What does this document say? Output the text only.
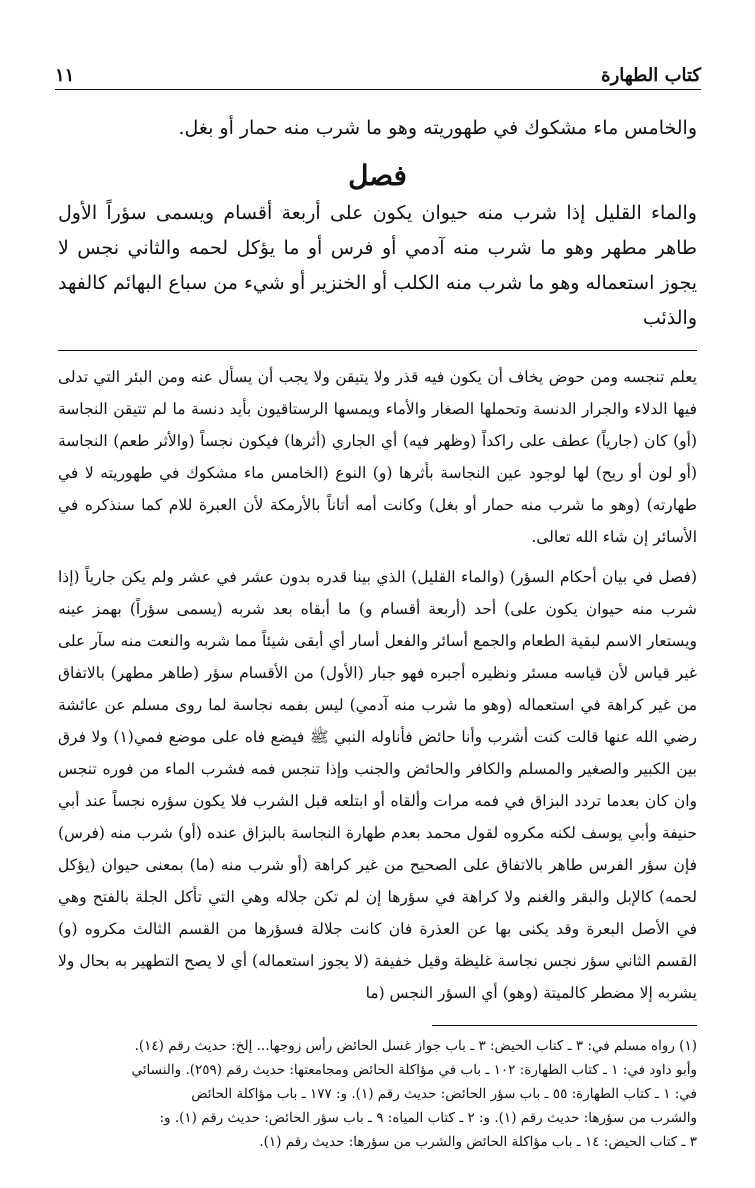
كتاب الطهارة
١١

والخامس ماء مشكوك في طهوريته وهو ما شرب منه حمار أو بغل.

فصل

والماء القليل إذا شرب منه حيوان يكون على أربعة أقسام ويسمى سؤراً الأول طاهر مطهر وهو ما شرب منه آدمي أو فرس أو ما يؤكل لحمه والثاني نجس لا يجوز استعماله وهو ما شرب منه الكلب أو الخنزير أو شيء من سباع البهائم كالفهد والذئب

يعلم تنجسه ومن حوض يخاف أن يكون فيه قذر ولا يتيقن ولا يجب أن يسأل عنه ومن البئر التي تدلى فيها الدلاء والجرار الدنسة وتحملها الصغار والأماء ويمسها الرستاقيون بأيد دنسة ما لم تتيقن النجاسة (أو) كان (جارياً) عطف على راكداً (وظهر فيه) أي الجاري (أثرها) فيكون نجساً (والأثر طعم) النجاسة (أو لون أو ريح) لها لوجود عين النجاسة بأثرها (و) النوع (الخامس ماء مشكوك في طهوريته لا في طهارته) (وهو ما شرب منه حمار أو بغل) وكانت أمه أتاناً بالأرمكة لأن العبرة للام كما سنذكره في الأسائر إن شاء الله تعالى.

(فصل في بيان أحكام السؤر) (والماء القليل) الذي بينا قدره بدون عشر في عشر ولم يكن جارياً (إذا شرب منه حيوان يكون على) أحد (أربعة أقسام و) ما أبقاه بعد شربه (يسمى سؤراً) بهمز عينه ويستعار الاسم لبقية الطعام والجمع أسائر والفعل أسار أي أبقى شيئاً مما شربه والنعت منه سآر على غير قياس لأن قياسه مسئر ونظيره أجبره فهو جبار (الأول) من الأقسام سؤر (طاهر مطهر) بالاتفاق من غير كراهة في استعماله (وهو ما شرب منه آدمي) ليس بفمه نجاسة لما روى مسلم عن عائشة رضي الله عنها قالت كنت أشرب وأنا حائض فأناوله النبي ﷺ فيضع فاه على موضع فمي(١) ولا فرق بين الكبير والصغير والمسلم والكافر والحائض والجنب وإذا تنجس فمه فشرب الماء من فوره تنجس وان كان بعدما تردد البزاق في فمه مرات وألقاه أو ابتلعه قبل الشرب فلا يكون سؤره نجساً عند أبي حنيفة وأبي يوسف لكنه مكروه لقول محمد بعدم طهارة النجاسة بالبزاق عنده (أو) شرب منه (فرس) فإن سؤر الفرس طاهر بالاتفاق على الصحيح من غير كراهة (أو شرب منه (ما) بمعنى حيوان (يؤكل لحمه) كالإبل والبقر والغنم ولا كراهة في سؤرها إن لم تكن جلاله وهي التي تأكل الجلة بالفتح وهي في الأصل البعرة وقد يكنى بها عن العذرة فان كانت جلالة فسؤرها من القسم الثالث مكروه (و) القسم الثاني سؤر نجس نجاسة غليظة وقيل خفيفة (لا يجوز استعماله) أي لا يصح التطهير به بحال ولا يشربه إلا مضطر كالميتة (وهو) أي السؤر النجس (ما

(١) رواه مسلم في: ٣ ـ كتاب الحيض: ٣ ـ باب جواز غسل الحائض رأس زوجها... إلخ: حديث رقم (١٤).

وأبو داود في: ١ ـ كتاب الطهارة: ١٠٢ ـ باب في مؤاكلة الحائض ومجامعتها: حديث رقم (٢٥٩). والنسائي

في: ١ ـ كتاب الطهارة: ٥٥ ـ باب سؤر الحائض: حديث رقم (١). و: ١٧٧ ـ باب مؤاكلة الحائض

والشرب من سؤرها: حديث رقم (١). و: ٢ ـ كتاب المياه: ٩ ـ باب سؤر الحائض: حديث رقم (١). و:

٣ ـ كتاب الحيض: ١٤ ـ باب مؤاكلة الحائض والشرب من سؤرها: حديث رقم (١).
